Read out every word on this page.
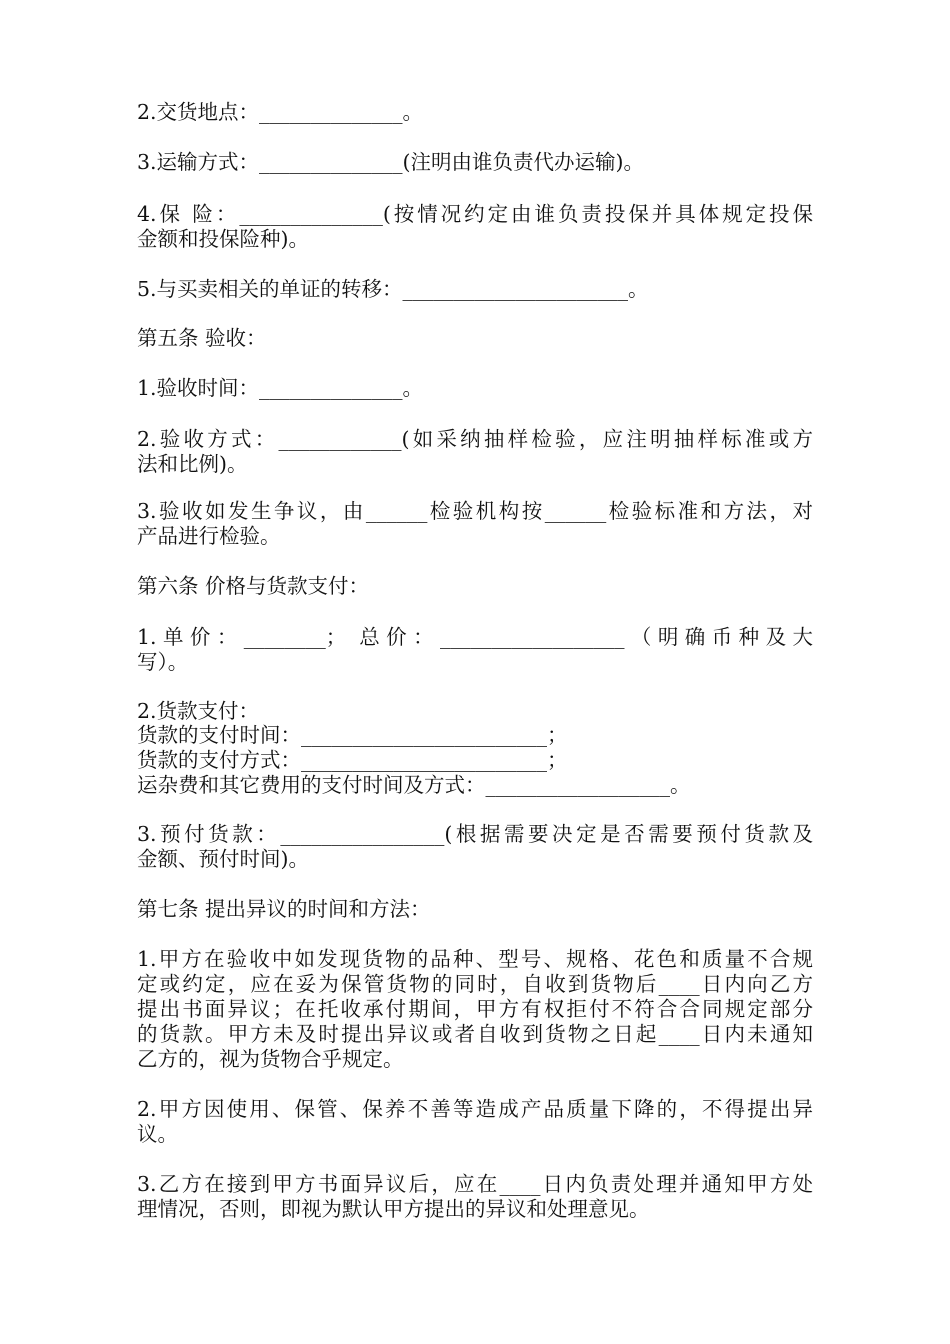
2.交货地点：______________。
3.运输方式：______________(注明由谁负责代办运输)。
4.保 险：______________(按情况约定由谁负责投保并具体规定投保
金额和投保险种)。
5.与买卖相关的单证的转移：______________________。
第五条 验收：
1.验收时间：______________。
2.验收方式：____________(如采纳抽样检验，应注明抽样标准或方
法和比例)。
3.验收如发生争议，由______检验机构按______检验标准和方法，对
产品进行检验。
第六条 价格与货款支付：
1.单价：________； 总价：__________________（明确币种及大
写）。
2.货款支付：
货款的支付时间：________________________；
货款的支付方式：________________________；
运杂费和其它费用的支付时间及方式：__________________。
3.预付货款：________________(根据需要决定是否需要预付货款及
金额、预付时间)。
第七条 提出异议的时间和方法：
1.甲方在验收中如发现货物的品种、型号、规格、花色和质量不合规
定或约定，应在妥为保管货物的同时，自收到货物后____日内向乙方
提出书面异议；在托收承付期间，甲方有权拒付不符合合同规定部分
的货款。甲方未及时提出异议或者自收到货物之日起____日内未通知
乙方的，视为货物合乎规定。
2.甲方因使用、保管、保养不善等造成产品质量下降的，不得提出异
议。
3.乙方在接到甲方书面异议后，应在____日内负责处理并通知甲方处
理情况，否则，即视为默认甲方提出的异议和处理意见。
